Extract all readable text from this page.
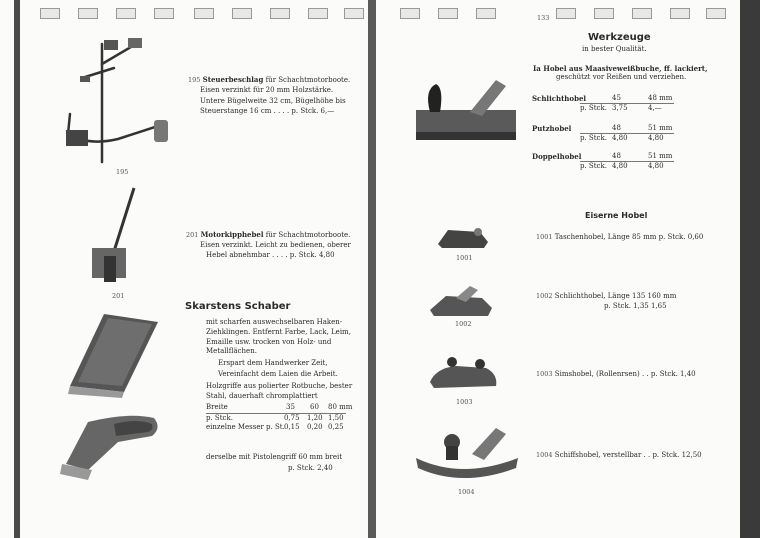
195
195 Steuerbeschlag für Schachtmotorboote.
Eisen verzinkt für 20 mm Holzstärke.
Untere Bügelweite 32 cm, Bügelhöhe bis
Steuerstange 16 cm . . . . p. Stck. 6,—
201
201 Motorkipphebel für Schachtmotorboote.
Eisen verzinkt. Leicht zu bedienen, oberer
Hebel abnehmbar . . . . p. Stck. 4,80
Skarstens Schaber
mit scharfen auswechselbaren Haken-
Ziehklingen. Entfernt Farbe, Lack, Leim,
Emaille usw. trocken von Holz- und
Metallflächen.
Erspart dem Handwerker Zeit,
Vereinfacht dem Laien die Arbeit.
Holzgriffe aus polierter Rotbuche, bester
Stahl, dauerhaft chromplattiert
Breite	35 60 80 mm
p. Stck.	0,75 1,20 1,50
einzelne Messer p. St. 0,15 0,20 0,25
derselbe mit Pistolengriff 60 mm breit
p. Stck. 2,40
133
Werkzeuge
in bester Qualität.
Ia Hobel aus Maasiveweißbuche, ff. lackiert,
geschützt vor Reißen und verziehen.
Schlichthobel	45	48 mm
p. Stck. 3,75	4,—
Putzhobel	48	51 mm
p. Stck. 4,80	4,80
Doppelhobel	48	51 mm
p. Stck. 4,80	4,80
Eiserne Hobel
1001
1001 Taschenhobel, Länge 85 mm p. Stck. 0,60
1002
1002 Schlichthobel, Länge 135 160 mm
p. Stck. 1,35 1,65
1003
1003 Simshobel, (Rollenrsen) . . p. Stck. 1,40
1004
1004 Schiffshobel, verstellbar . . p. Stck. 12,50
